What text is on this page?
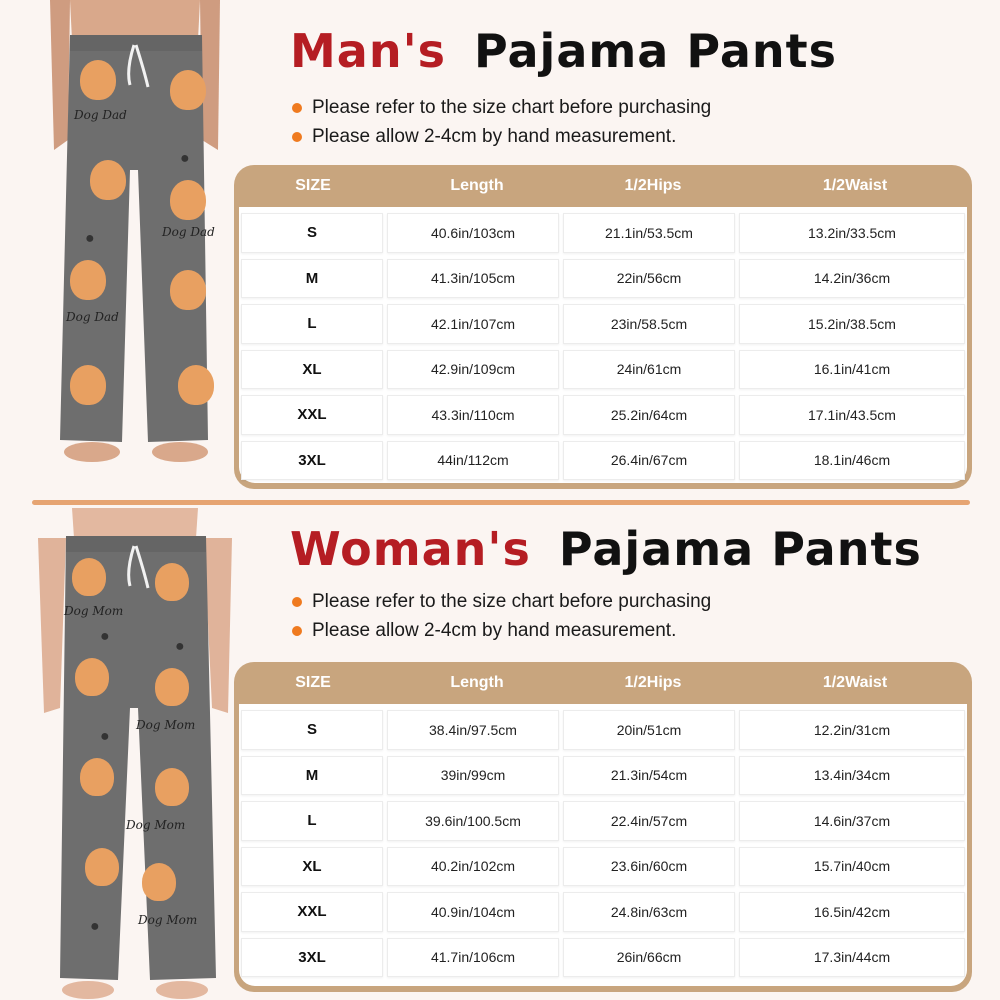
Dog Dad
Dog Dad
Dog Dad
●
●
Man's Pajama Pants
Please refer to the size chart before purchasing
Please allow 2-4cm by hand measurement.
SIZE	Length	1/2Hips	1/2Waist
S	40.6in/103cm	21.1in/53.5cm	13.2in/33.5cm
M	41.3in/105cm	22in/56cm	14.2in/36cm
L	42.1in/107cm	23in/58.5cm	15.2in/38.5cm
XL	42.9in/109cm	24in/61cm	16.1in/41cm
XXL	43.3in/110cm	25.2in/64cm	17.1in/43.5cm
3XL	44in/112cm	26.4in/67cm	18.1in/46cm
Dog Mom
Dog Mom
Dog Mom
Dog Mom
●
●
●
●
Woman's Pajama Pants
Please refer to the size chart before purchasing
Please allow 2-4cm by hand measurement.
SIZE	Length	1/2Hips	1/2Waist
S	38.4in/97.5cm	20in/51cm	12.2in/31cm
M	39in/99cm	21.3in/54cm	13.4in/34cm
L	39.6in/100.5cm	22.4in/57cm	14.6in/37cm
XL	40.2in/102cm	23.6in/60cm	15.7in/40cm
XXL	40.9in/104cm	24.8in/63cm	16.5in/42cm
3XL	41.7in/106cm	26in/66cm	17.3in/44cm
